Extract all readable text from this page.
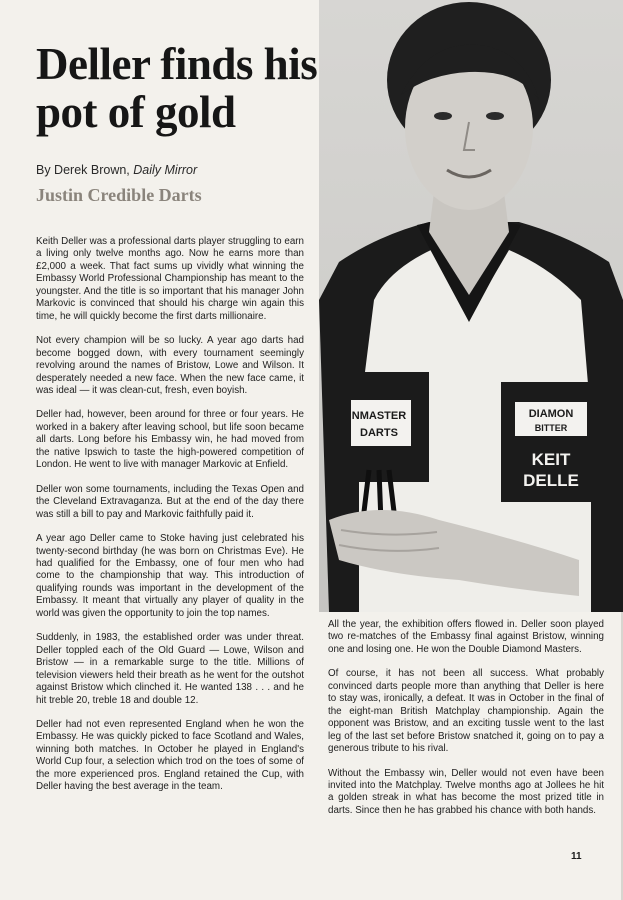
NMASTER
DARTS
DIAMON
BITTER
KEIT
DELLE
Deller finds his
pot of gold
By Derek Brown, Daily Mirror
Justin Credible Darts

Keith Deller was a professional darts player struggling to earn a living only twelve months ago. Now he earns more than £2,000 a week. That fact sums up vividly what winning the Embassy World Professional Championship has meant to the youngster. And the title is so important that his manager John Markovic is convinced that should his charge win again this time, he will quickly become the first darts millionaire.

Not every champion will be so lucky. A year ago darts had become bogged down, with every tournament seemingly revolving around the names of Bristow, Lowe and Wilson. It desperately needed a new face. When the new face came, it was ideal — it was clean-cut, fresh, even boyish.

Deller had, however, been around for three or four years. He worked in a bakery after leaving school, but life soon became all darts. Long before his Embassy win, he had moved from the native Ipswich to taste the high-powered competition of London. He went to live with manager Markovic at Enfield.

Deller won some tournaments, including the Texas Open and the Cleveland Extravaganza. But at the end of the day there was still a bill to pay and Markovic faithfully paid it.

A year ago Deller came to Stoke having just celebrated his twenty-second birthday (he was born on Christmas Eve). He had qualified for the Embassy, one of four men who had come to the championship that way. This introduction of qualifying rounds was important in the development of the Embassy. It meant that virtually any player of quality in the world was given the opportunity to join the top names.

Suddenly, in 1983, the established order was under threat. Deller toppled each of the Old Guard — Lowe, Wilson and Bristow — in a remarkable surge to the title. Millions of television viewers held their breath as he went for the outshot against Bristow which clinched it. He wanted 138 . . . and he hit treble 20, treble 18 and double 12.

Deller had not even represented England when he won the Embassy. He was quickly picked to face Scotland and Wales, winning both matches. In October he played in England's World Cup four, a selection which trod on the toes of some of the more experienced pros. England retained the Cup, with Deller having the best average in the team.

All the year, the exhibition offers flowed in. Deller soon played two re-matches of the Embassy final against Bristow, winning one and losing one. He won the Double Diamond Masters.

Of course, it has not been all success. What probably convinced darts people more than anything that Deller is here to stay was, ironically, a defeat. It was in October in the final of the eight-man British Matchplay championship. Again the opponent was Bristow, and an exciting tussle went to the last leg of the last set before Bristow snatched it, going on to pay a generous tribute to his rival.

Without the Embassy win, Deller would not even have been invited into the Matchplay. Twelve months ago at Jollees he hit a golden streak in what has become the most prized title in darts. Since then he has grabbed his chance with both hands.

11
